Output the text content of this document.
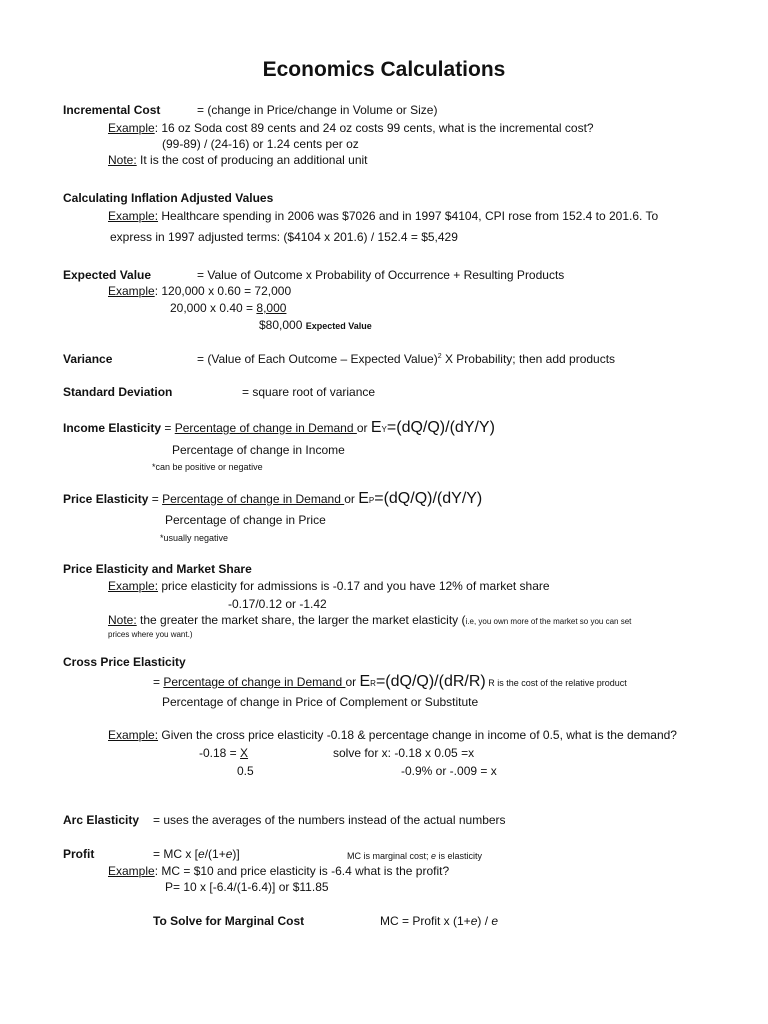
Economics Calculations
Incremental Cost	= (change in Price/change in Volume or Size)
Example: 16 oz Soda cost 89 cents and 24 oz costs 99 cents, what is the incremental cost?
(99-89) / (24-16) or 1.24 cents per oz
Note: It is the cost of producing an additional unit
Calculating Inflation Adjusted Values
Example: Healthcare spending in 2006 was $7026 and in 1997 $4104, CPI rose from 152.4 to 201.6. To
express in 1997 adjusted terms: ($4104 x 201.6) / 152.4 = $5,429
Expected Value	= Value of Outcome x Probability of Occurrence + Resulting Products
Example: 120,000 x 0.60 = 72,000
20,000 x 0.40 = 8,000
$80,000 Expected Value
Variance	= (Value of Each Outcome – Expected Value)$^2$ X Probability; then add products
Standard Deviation	= square root of variance
Income Elasticity = Percentage of change in Demand or EY=(dQ/Q)/(dY/Y)
Percentage of change in Income
*can be positive or negative
Price Elasticity = Percentage of change in Demand or EP=(dQ/Q)/(dY/Y)
Percentage of change in Price
*usually negative
Price Elasticity and Market Share
Example: price elasticity for admissions is -0.17 and you have 12% of market share
-0.17/0.12 or -1.42
Note: the greater the market share, the larger the market elasticity (i.e, you own more of the market so you can set
prices where you want.)
Cross Price Elasticity
= Percentage of change in Demand or ER=(dQ/Q)/(dR/R) R is the cost of the relative product
Percentage of change in Price of Complement or Substitute
Example: Given the cross price elasticity -0.18 & percentage change in income of 0.5, what is the demand?
-0.18 = X	solve for x: -0.18 x 0.05 =x
0.5	-0.9% or -.009 = x
Arc Elasticity = uses the averages of the numbers instead of the actual numbers
Profit	= MC x [e/(1+e)]	MC is marginal cost; e is elasticity
Example: MC = $10 and price elasticity is -6.4 what is the profit?
P= 10 x [-6.4/(1-6.4)] or $11.85
To Solve for Marginal Cost	MC = Profit x (1+e) / e
